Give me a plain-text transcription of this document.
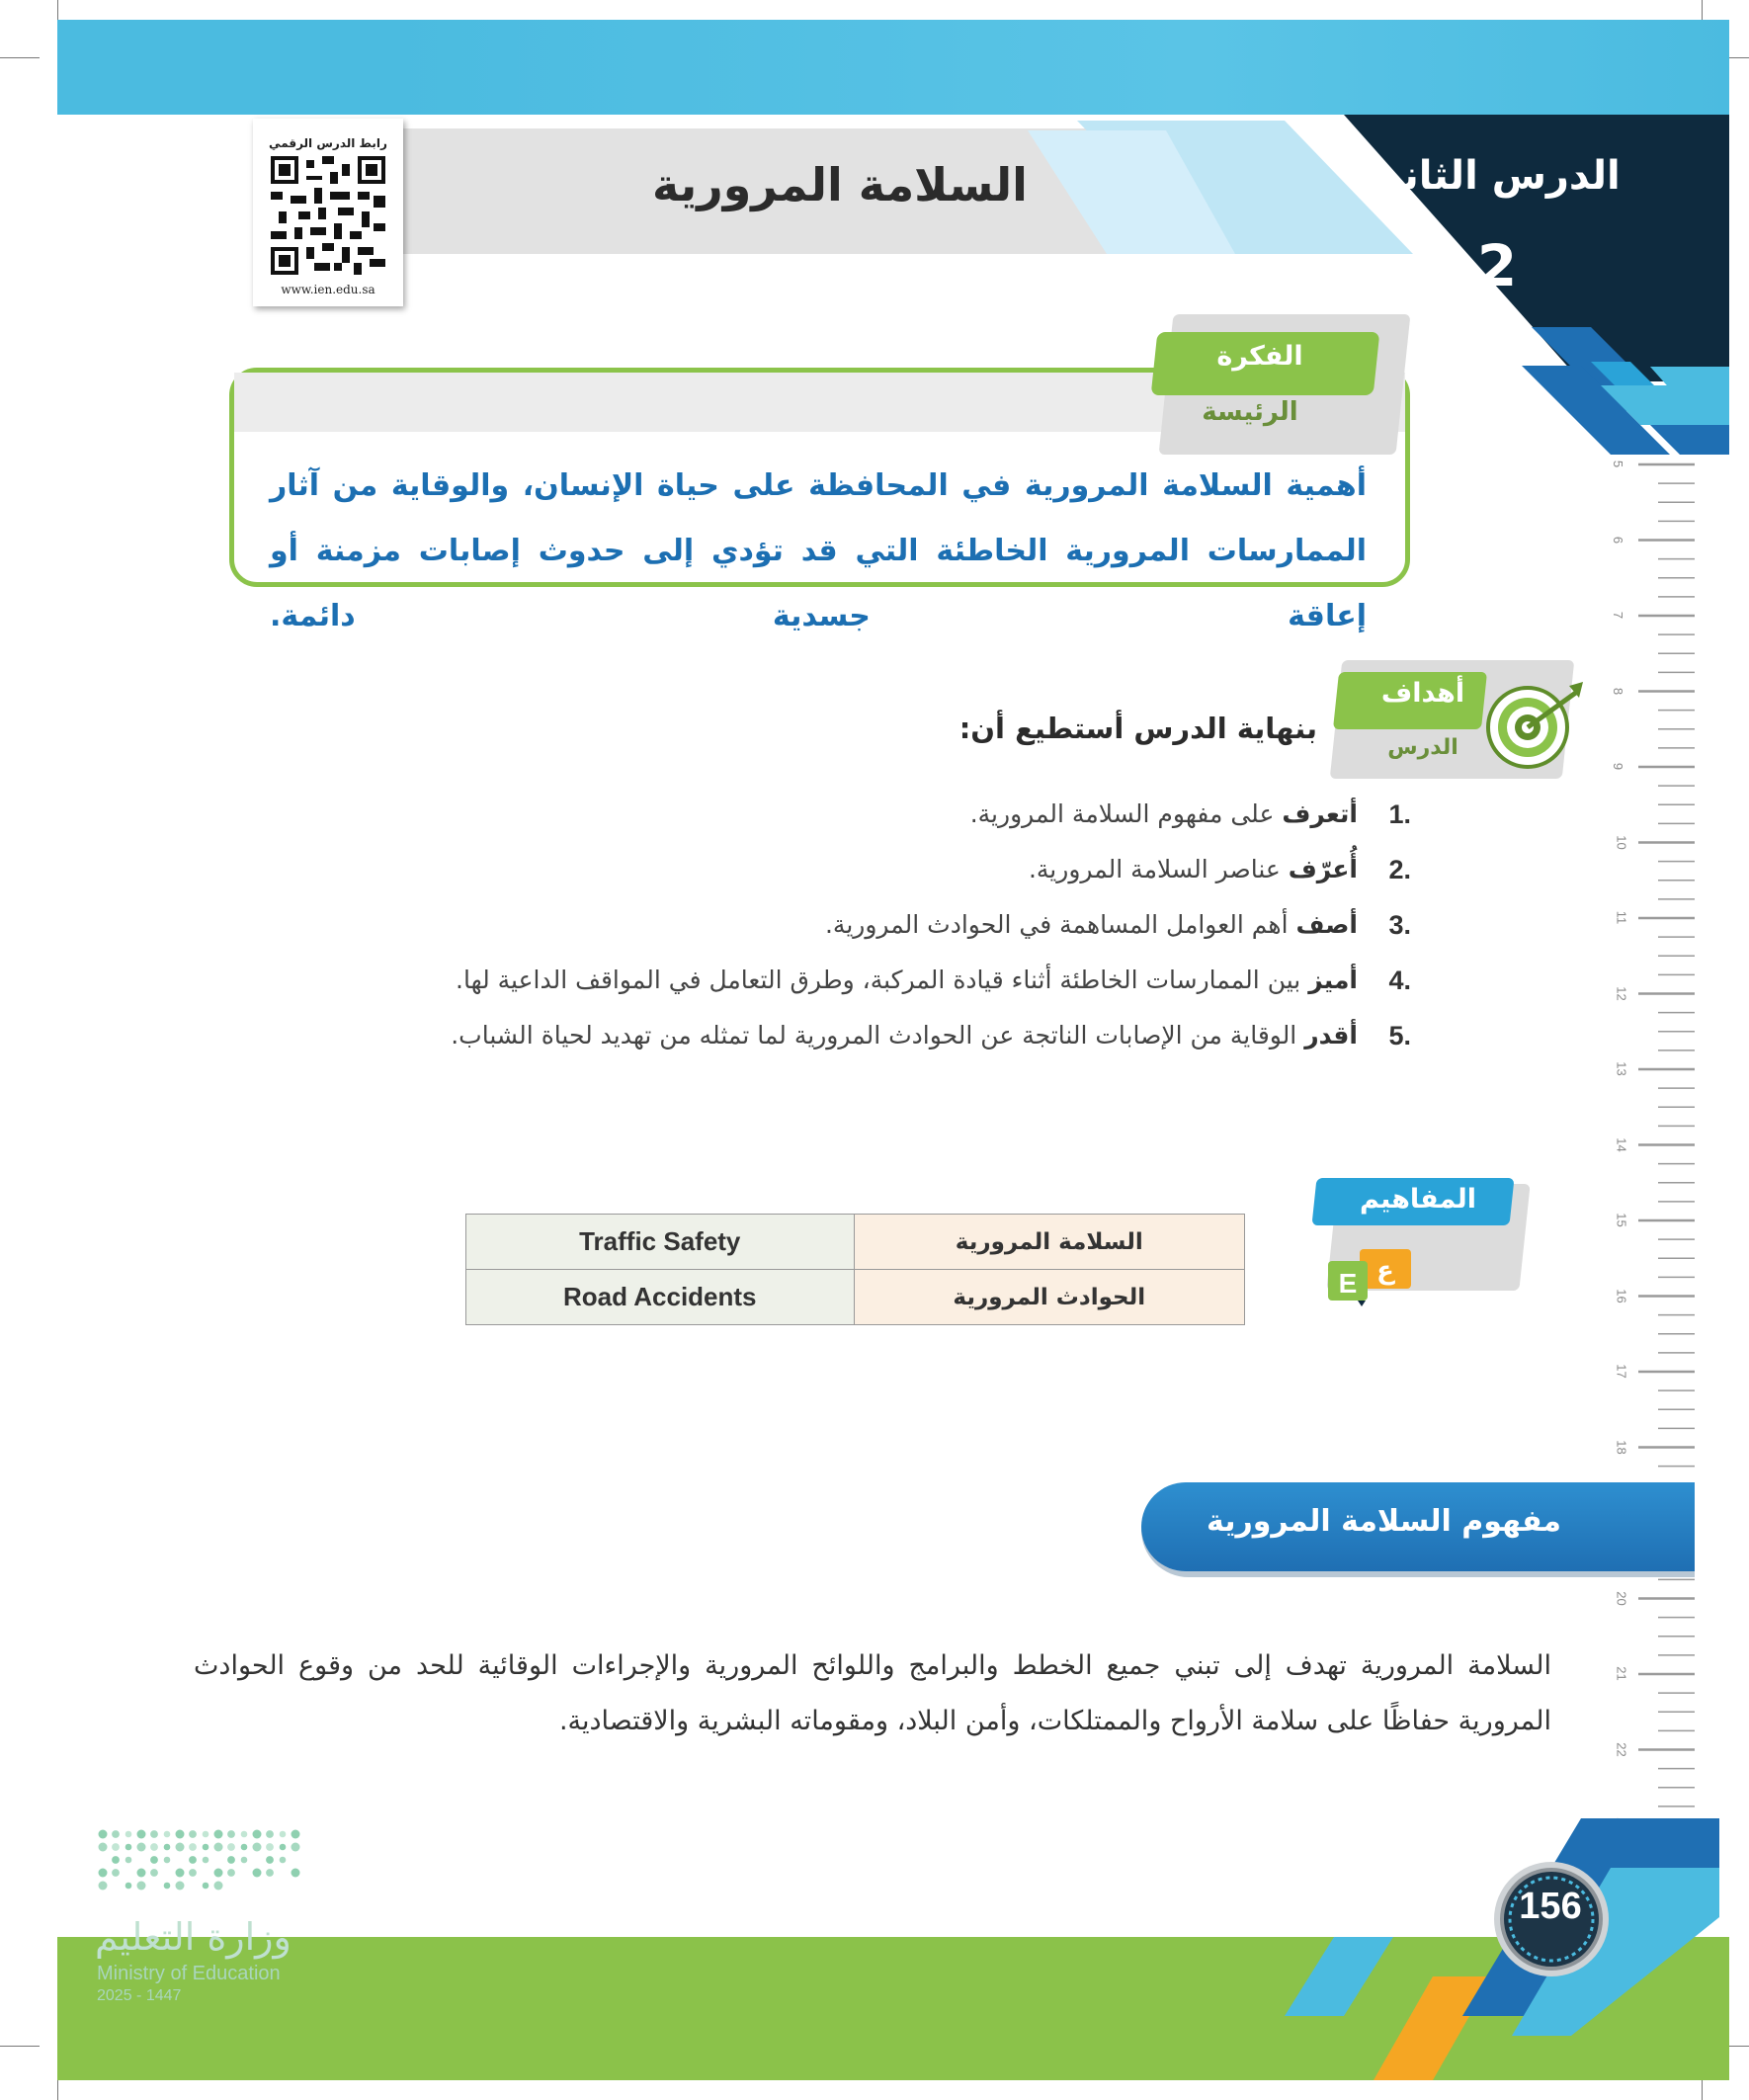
السلامة المرورية	الدرس الثاني
2
رابط الدرس الرقمي
www.ien.edu.sa
أهمية السلامة المرورية في المحافظة على حياة الإنسان، والوقاية من آثار الممارسات المرورية الخاطئة التي قد تؤدي إلى حدوث إصابات مزمنة أو إعاقة جسدية دائمة.
الفكرة
الرئيسة
أهداف
الدرس
بنهاية الدرس أستطيع أن:
.1
أتعرف على مفهوم السلامة المرورية.
.2
أُعرّف عناصر السلامة المرورية.
.3
أصف أهم العوامل المساهمة في الحوادث المرورية.
.4
أميز بين الممارسات الخاطئة أثناء قيادة المركبة، وطرق التعامل في المواقف الداعية لها.
.5
أقدر الوقاية من الإصابات الناتجة عن الحوادث المرورية لما تمثله من تهديد لحياة الشباب.
المفاهيم
ع
E
Traffic Safety	السلامة المرورية
Road Accidents	الحوادث المرورية
5
6
7
8
9
10
11
12
13
14
15
16
17
18
20
21
22
مفهوم السلامة المرورية
السلامة المرورية تهدف إلى تبني جميع الخطط والبرامج واللوائح المرورية والإجراءات الوقائية للحد من وقوع الحوادث المرورية حفاظًا على سلامة الأرواح والممتلكات، وأمن البلاد، ومقوماته البشرية والاقتصادية.
156
وزارة التعليم
Ministry of Education
2025 - 1447
